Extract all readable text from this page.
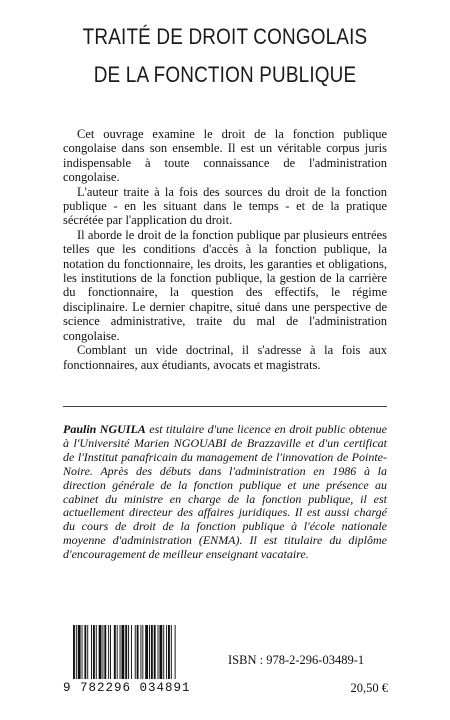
TRAITÉ DE DROIT CONGOLAIS
DE LA FONCTION PUBLIQUE

Cet ouvrage examine le droit de la fonction publique congolaise dans son ensemble. Il est un véritable corpus juris indispensable à toute connaissance de l'administration congolaise.

L'auteur traite à la fois des sources du droit de la fonction publique - en les situant dans le temps - et de la pratique sécrétée par l'application du droit.

Il aborde le droit de la fonction publique par plusieurs entrées telles que les conditions d'accès à la fonction publique, la notation du fonctionnaire, les droits, les garanties et obligations, les institutions de la fonction publique, la gestion de la carrière du fonctionnaire, la question des effectifs, le régime disciplinaire. Le dernier chapitre, situé dans une perspective de science administrative, traite du mal de l'administration congolaise.

Comblant un vide doctrinal, il s'adresse à la fois aux fonctionnaires, aux étudiants, avocats et magistrats.

Paulin NGUILA est titulaire d'une licence en droit public obtenue à l'Université Marien NGOUABI de Brazzaville et d'un certificat de l'Institut panafricain du management de l'innovation de Pointe-Noire. Après des débuts dans l'administration en 1986 à la direction générale de la fonction publique et une présence au cabinet du ministre en charge de la fonction publique, il est actuellement directeur des affaires juridiques. Il est aussi chargé du cours de droit de la fonction publique à l'école nationale moyenne d'administration (ENMA). Il est titulaire du diplôme d'encouragement de meilleur enseignant vacataire.
9 782296 034891
ISBN : 978-2-296-03489-1
20,50 €
